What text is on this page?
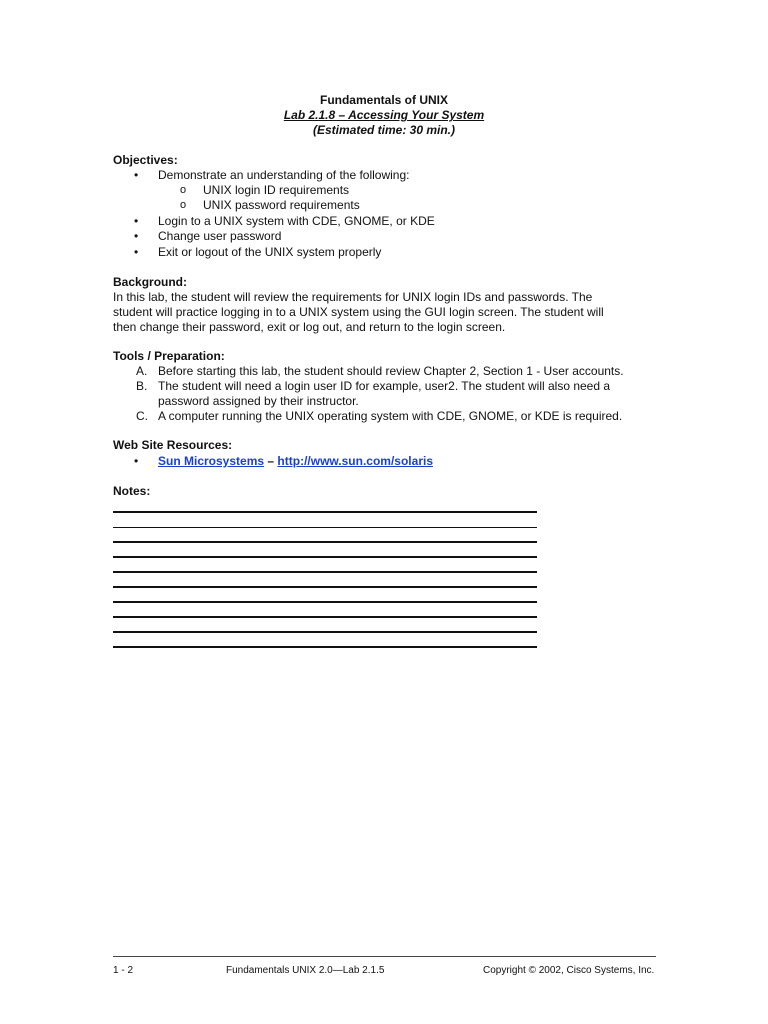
Fundamentals of UNIX
Lab 2.1.8 – Accessing Your System
(Estimated time: 30 min.)
Objectives:
• Demonstrate an understanding of the following:
o UNIX login ID requirements
o UNIX password requirements
• Login to a UNIX system with CDE, GNOME, or KDE
• Change user password
• Exit or logout of the UNIX system properly
Background:
In this lab, the student will review the requirements for UNIX login IDs and passwords. The
student will practice logging in to a UNIX system using the GUI login screen. The student will
then change their password, exit or log out, and return to the login screen.
Tools / Preparation:
A. Before starting this lab, the student should review Chapter 2, Section 1 - User accounts.
B. The student will need a login user ID for example, user2. The student will also need a
password assigned by their instructor.
C. A computer running the UNIX operating system with CDE, GNOME, or KDE is required.
Web Site Resources:
• Sun Microsystems – http://www.sun.com/solaris
Notes:
1 - 2	Fundamentals UNIX 2.0—Lab 2.1.5	Copyright © 2002, Cisco Systems, Inc.
